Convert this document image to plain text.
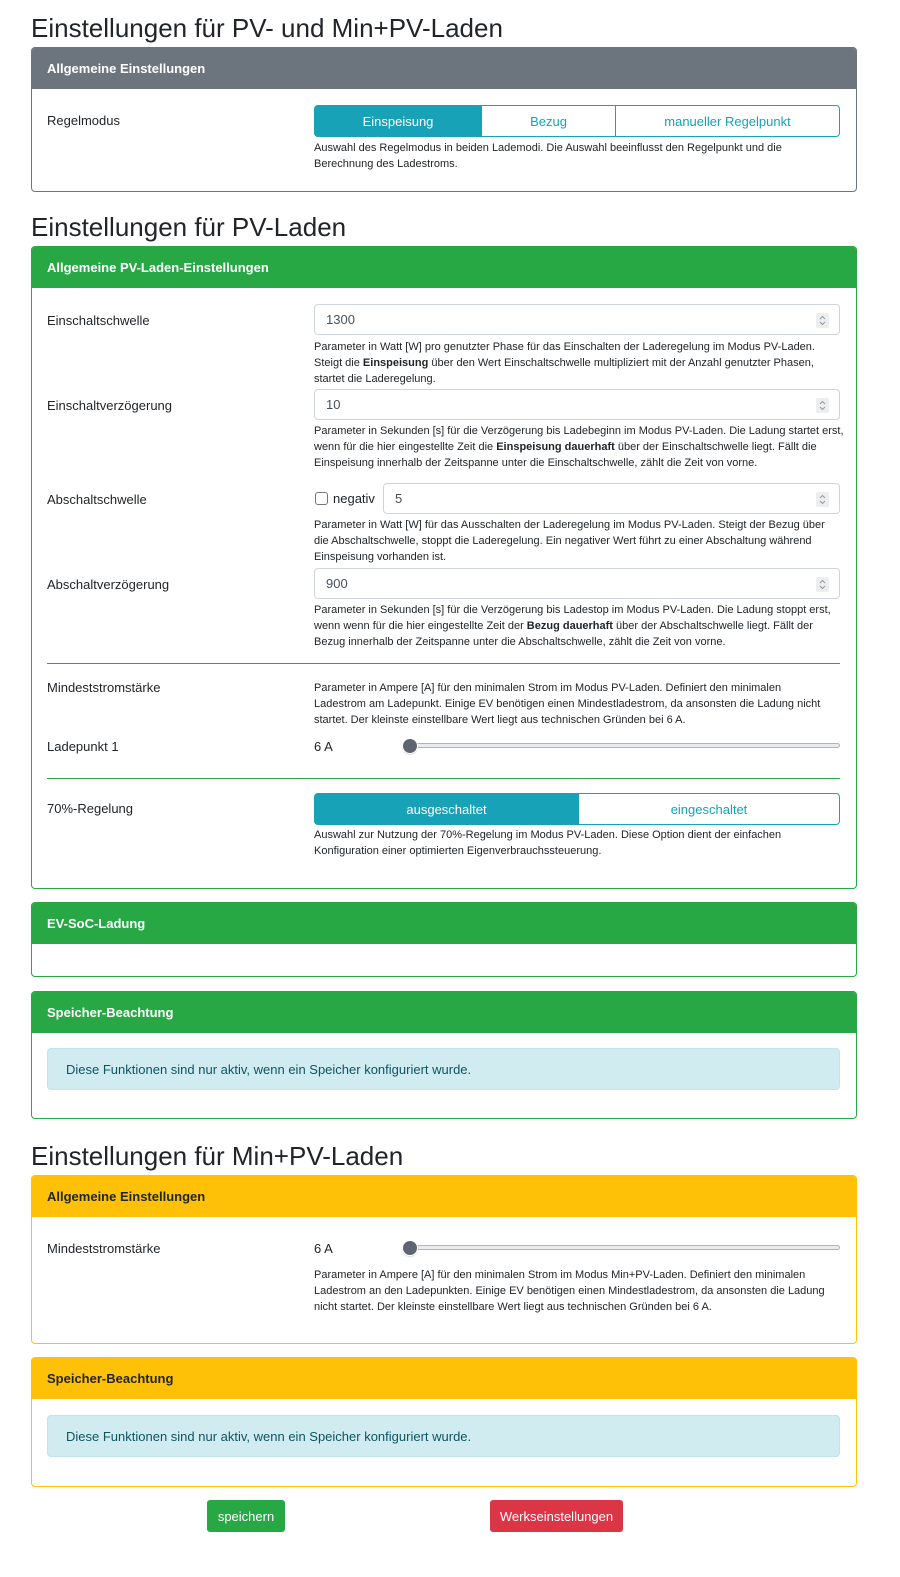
Einstellungen für PV- und Min+PV-Laden
Allgemeine Einstellungen
Regelmodus	Einspeisung	Bezug	manueller Regelpunkt
Auswahl des Regelmodus in beiden Lademodi. Die Auswahl beeinflusst den Regelpunkt und die Berechnung des Ladestroms.
Einstellungen für PV-Laden
Allgemeine PV-Laden-Einstellungen
Einschaltschwelle	1300
Parameter in Watt [W] pro genutzter Phase für das Einschalten der Laderegelung im Modus PV-Laden. Steigt die Einspeisung über den Wert Einschaltschwelle multipliziert mit der Anzahl genutzter Phasen, startet die Laderegelung.
Einschaltverzögerung	10
Parameter in Sekunden [s] für die Verzögerung bis Ladebeginn im Modus PV-Laden. Die Ladung startet erst, wenn für die hier eingestellte Zeit die Einspeisung dauerhaft über der Einschaltschwelle liegt. Fällt die Einspeisung innerhalb der Zeitspanne unter die Einschaltschwelle, zählt die Zeit von vorne.
Abschaltschwelle	negativ 5
Parameter in Watt [W] für das Ausschalten der Laderegelung im Modus PV-Laden. Steigt der Bezug über die Abschaltschwelle, stoppt die Laderegelung. Ein negativer Wert führt zu einer Abschaltung während Einspeisung vorhanden ist.
Abschaltverzögerung	900
Parameter in Sekunden [s] für die Verzögerung bis Ladestop im Modus PV-Laden. Die Ladung stoppt erst, wenn wenn für die hier eingestellte Zeit der Bezug dauerhaft über der Abschaltschwelle liegt. Fällt der Bezug innerhalb der Zeitspanne unter die Abschaltschwelle, zählt die Zeit von vorne.
Mindeststromstärke	Parameter in Ampere [A] für den minimalen Strom im Modus PV-Laden. Definiert den minimalen Ladestrom am Ladepunkt. Einige EV benötigen einen Mindestladestrom, da ansonsten die Ladung nicht startet. Der kleinste einstellbare Wert liegt aus technischen Gründen bei 6 A.
Ladepunkt 1	6 A
70%-Regelung	ausgeschaltet	eingeschaltet
Auswahl zur Nutzung der 70%-Regelung im Modus PV-Laden. Diese Option dient der einfachen Konfiguration einer optimierten Eigenverbrauchssteuerung.
EV-SoC-Ladung
Speicher-Beachtung
Diese Funktionen sind nur aktiv, wenn ein Speicher konfiguriert wurde.
Einstellungen für Min+PV-Laden
Allgemeine Einstellungen
Mindeststromstärke	6 A
Parameter in Ampere [A] für den minimalen Strom im Modus Min+PV-Laden. Definiert den minimalen Ladestrom an den Ladepunkten. Einige EV benötigen einen Mindestladestrom, da ansonsten die Ladung nicht startet. Der kleinste einstellbare Wert liegt aus technischen Gründen bei 6 A.
Speicher-Beachtung
Diese Funktionen sind nur aktiv, wenn ein Speicher konfiguriert wurde.
speichern	Werkseinstellungen
